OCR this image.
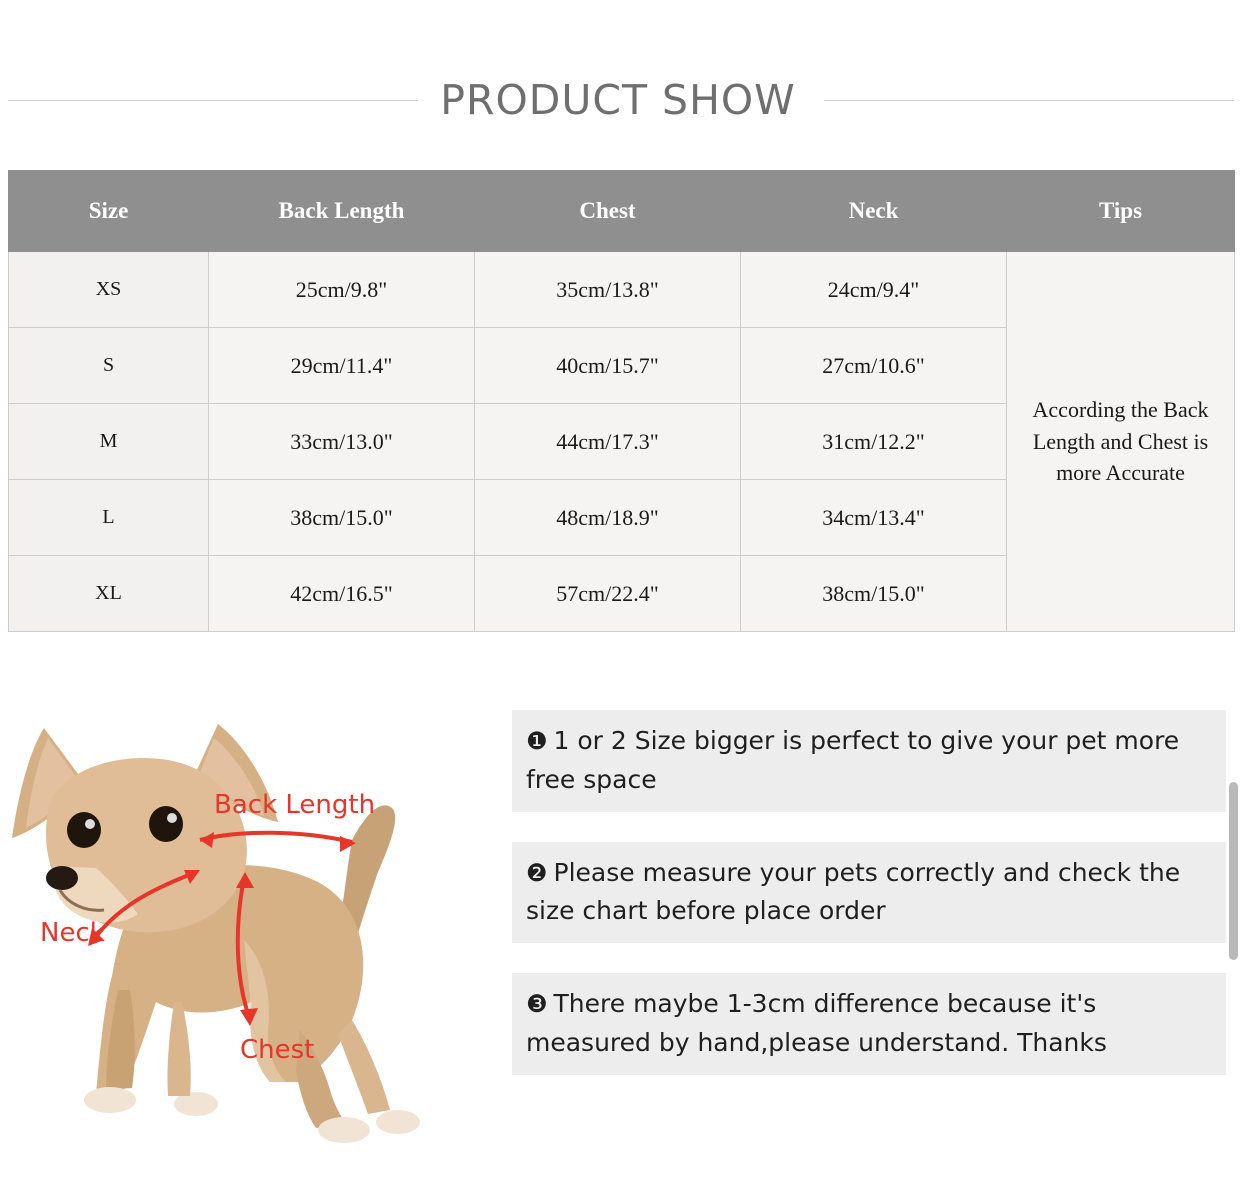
PRODUCT SHOW
Size	Back Length	Chest	Neck	Tips
XS	25cm/9.8"	35cm/13.8"	24cm/9.4"	According the Back Length and Chest is more Accurate
S	29cm/11.4"	40cm/15.7"	27cm/10.6"	
M	33cm/13.0"	44cm/17.3"	31cm/12.2"	
L	38cm/15.0"	48cm/18.9"	34cm/13.4"	
XL	42cm/16.5"	57cm/22.4"	38cm/15.0"	
Back Length
Neck
Chest
❶ 1 or 2 Size bigger is perfect to give your pet more free space
❷ Please measure your pets correctly and check the size chart before place order
❸ There maybe 1-3cm difference because it's measured by hand,please understand. Thanks
